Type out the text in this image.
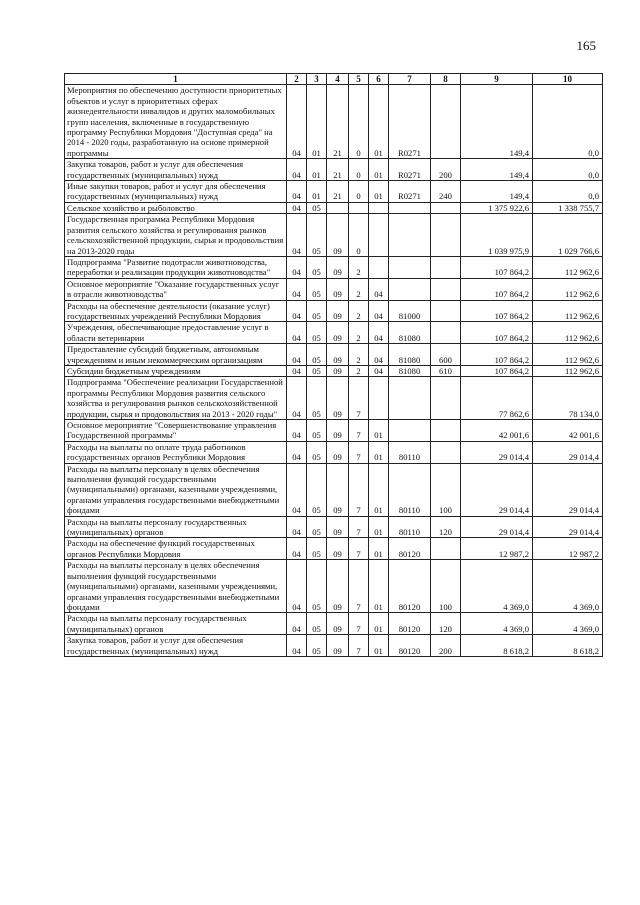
165
1	2	3	4	5	6	7	8	9	10
Мероприятия по обеспечению доступности приоритетных объектов и услуг в приоритетных сферах жизнедеятельности инвалидов и других маломобильных групп населения, включенные в государственную программу Республики Мордовия "Доступная среда" на 2014 - 2020 годы, разработанную на основе примерной программы	04	01	21	0	01	R0271		149,4	0,0
Закупка товаров, работ и услуг для обеспечения государственных (муниципальных) нужд	04	01	21	0	01	R0271	200	149,4	0,0
Иные закупки товаров, работ и услуг для обеспечения государственных (муниципальных) нужд	04	01	21	0	01	R0271	240	149,4	0,0
Сельское хозяйство и рыболовство	04	05						1 375 922,6	1 338 755,7
Государственная программа Республики Мордовия развития сельского хозяйства и регулирования рынков сельскохозяйственной продукции, сырья и продовольствия на 2013-2020 годы	04	05	09	0				1 039 975,9	1 029 766,6
Подпрограмма "Развитие подотрасли животноводства, переработки и реализации продукции животноводства"	04	05	09	2				107 864,2	112 962,6
Основное мероприятие "Оказание государственных услуг в отрасли животноводства"	04	05	09	2	04			107 864,2	112 962,6
Расходы на обеспечение деятельности (оказание услуг) государственных учреждений Республики Мордовия	04	05	09	2	04	81000		107 864,2	112 962,6
Учреждения, обеспечивающие предоставление услуг в области ветеринарии	04	05	09	2	04	81080		107 864,2	112 962,6
Предоставление субсидий бюджетным, автономным учреждениям и иным некоммерческим организациям	04	05	09	2	04	81080	600	107 864,2	112 962,6
Субсидии бюджетным учреждениям	04	05	09	2	04	81080	610	107 864,2	112 962,6
Подпрограмма "Обеспечение реализации Государственной программы Республики Мордовия развития сельского хозяйства и регулирования рынков сельскохозяйственной продукции, сырья и продовольствия на 2013 - 2020 годы"	04	05	09	7				77 862,6	78 134,0
Основное мероприятие "Совершенствование управления Государственной программы"	04	05	09	7	01			42 001,6	42 001,6
Расходы на выплаты по оплате труда работников государственных органов Республики Мордовия	04	05	09	7	01	80110		29 014,4	29 014,4
Расходы на выплаты персоналу в целях обеспечения выполнения функций государственными (муниципальными) органами, казенными учреждениями, органами управления государственными внебюджетными фондами	04	05	09	7	01	80110	100	29 014,4	29 014,4
Расходы на выплаты персоналу государственных (муниципальных) органов	04	05	09	7	01	80110	120	29 014,4	29 014,4
Расходы на обеспечение функций государственных органов Республики Мордовия	04	05	09	7	01	80120		12 987,2	12 987,2
Расходы на выплаты персоналу в целях обеспечения выполнения функций государственными (муниципальными) органами, казенными учреждениями, органами управления государственными внебюджетными фондами	04	05	09	7	01	80120	100	4 369,0	4 369,0
Расходы на выплаты персоналу государственных (муниципальных) органов	04	05	09	7	01	80120	120	4 369,0	4 369,0
Закупка товаров, работ и услуг для обеспечения государственных (муниципальных) нужд	04	05	09	7	01	80120	200	8 618,2	8 618,2
